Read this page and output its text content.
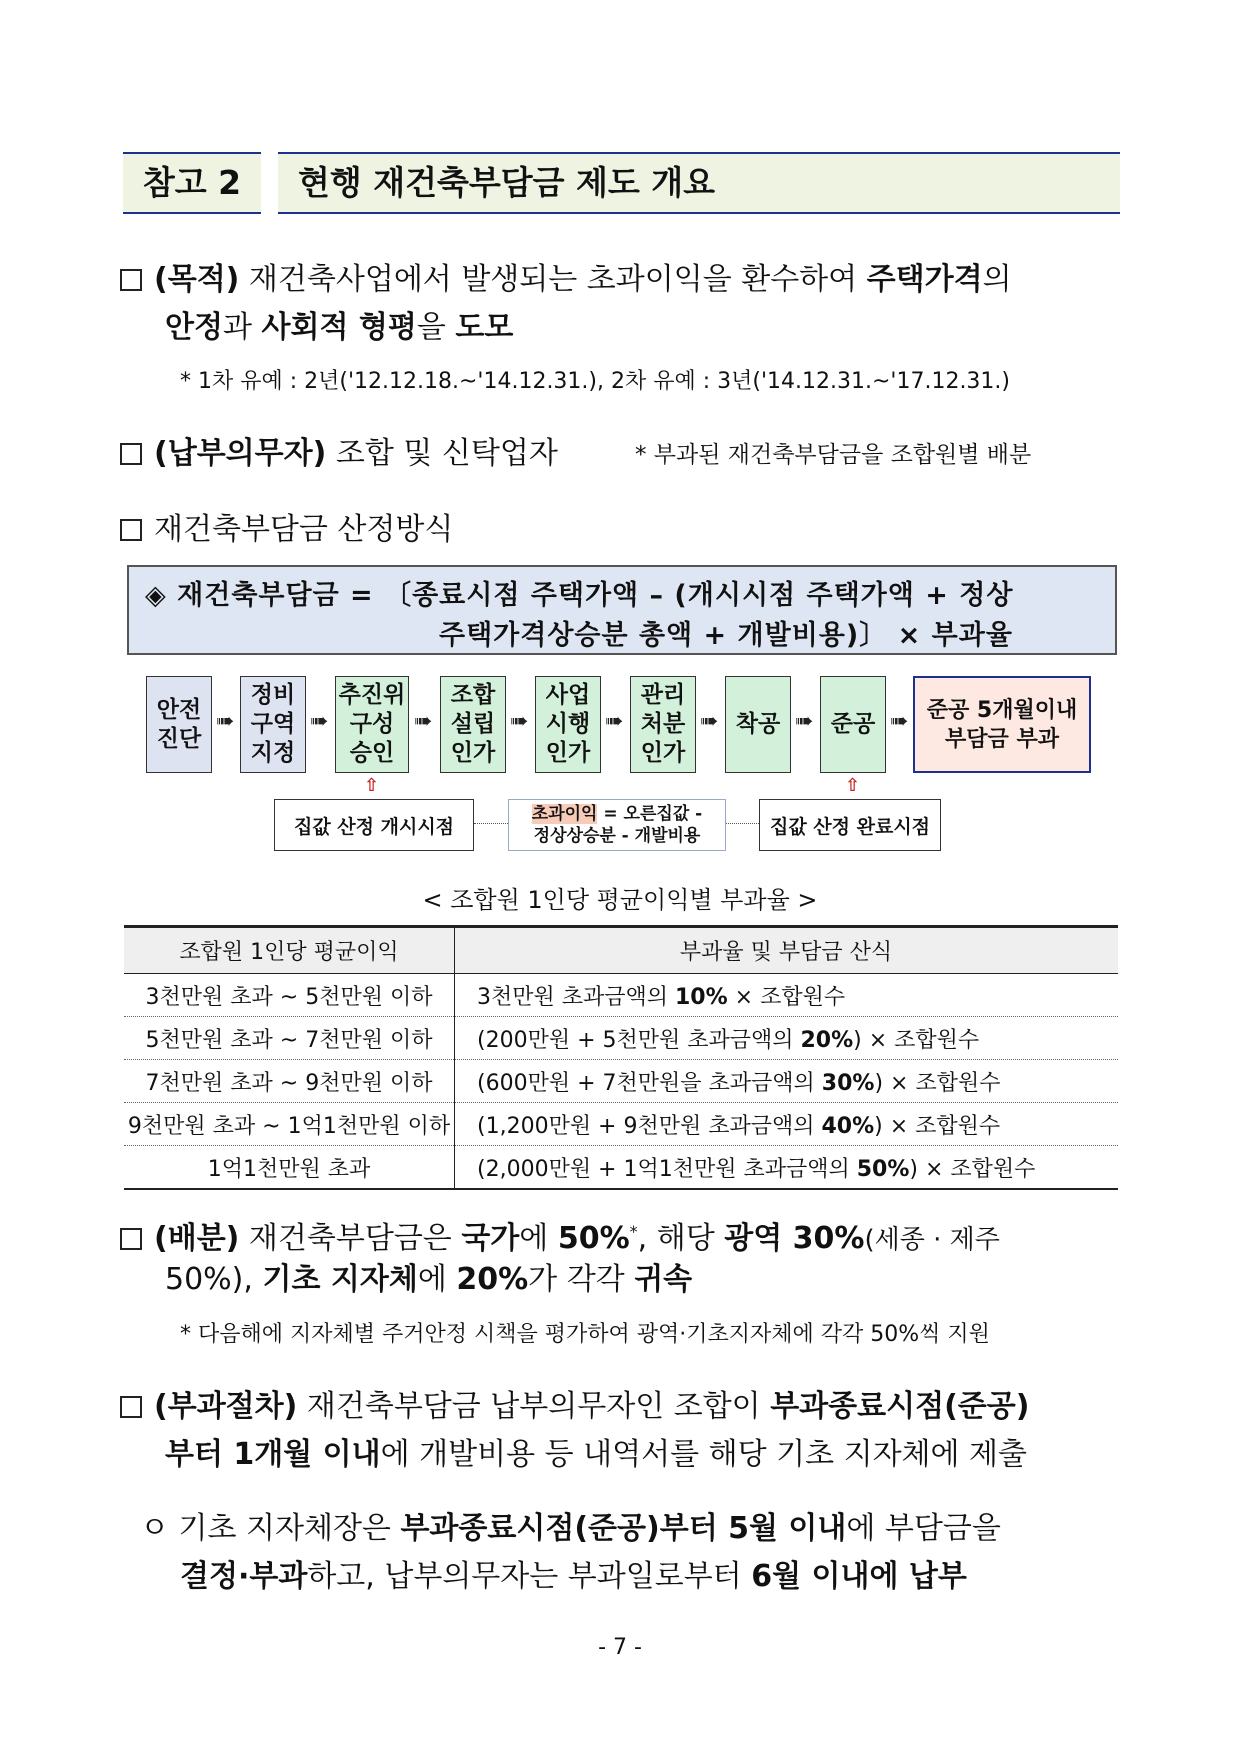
참고 2	현행 재건축부담금 제도 개요
(목적) 재건축사업에서 발생되는 초과이익을 환수하여 주택가격의
안정과 사회적 형평을 도모
* 1차 유예 : 2년('12.12.18.~'14.12.31.), 2차 유예 : 3년('14.12.31.~'17.12.31.)
(납부의무자) 조합 및 신탁업자	* 부과된 재건축부담금을 조합원별 배분
재건축부담금 산정방식
◈ 재건축부담금 = 〔종료시점 주택가액 – (개시시점 주택가액 + 정상
주택가격상승분 총액 + 개발비용)〕 × 부과율
안전
진단
➠
정비
구역
지정
➠
추진위
구성
승인
➠
조합
설립
인가
➠
사업
시행
인가
➠
관리
처분
인가
➠ 착공 ➠ 준공 ➠ 준공 5개월이내
부담금 부과
⇧	⇧
집값 산정 개시시점
초과이익 = 오른집값 -
정상상승분 - 개발비용	집값 산정 완료시점
< 조합원 1인당 평균이익별 부과율 >
조합원 1인당 평균이익	부과율 및 부담금 산식
3천만원 초과 ~ 5천만원 이하	3천만원 초과금액의 10% × 조합원수
5천만원 초과 ~ 7천만원 이하	(200만원 + 5천만원 초과금액의 20%) × 조합원수
7천만원 초과 ~ 9천만원 이하	(600만원 + 7천만원을 초과금액의 30%) × 조합원수
9천만원 초과 ~ 1억1천만원 이하	(1,200만원 + 9천만원 초과금액의 40%) × 조합원수
1억1천만원 초과	(2,000만원 + 1억1천만원 초과금액의 50%) × 조합원수
(배분) 재건축부담금은 국가에 50%*, 해당 광역 30%(세종 · 제주
50%), 기초 지자체에 20%가 각각 귀속
* 다음해에 지자체별 주거안정 시책을 평가하여 광역·기초지자체에 각각 50%씩 지원
(부과절차) 재건축부담금 납부의무자인 조합이 부과종료시점(준공)
부터 1개월 이내에 개발비용 등 내역서를 해당 기초 지자체에 제출
ㅇ 기초 지자체장은 부과종료시점(준공)부터 5월 이내에 부담금을
결정·부과하고, 납부의무자는 부과일로부터 6월 이내에 납부
- 7 -
